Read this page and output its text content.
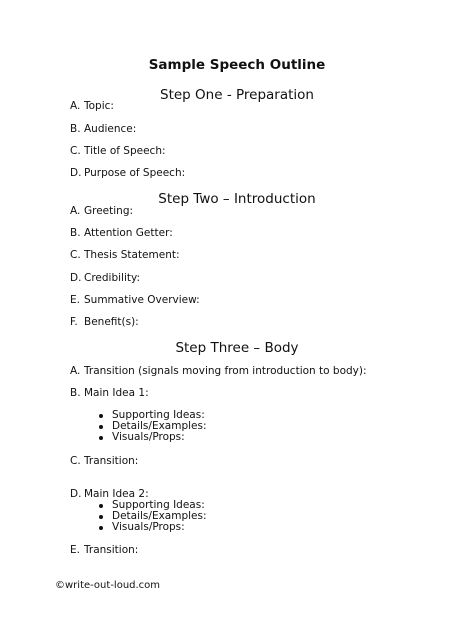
Sample Speech Outline
Step One - Preparation
A. Topic:
B. Audience:
C. Title of Speech:
D. Purpose of Speech:
Step Two – Introduction
A. Greeting:
B. Attention Getter:
C. Thesis Statement:
D. Credibility:
E. Summative Overview:
F. Benefit(s):
Step Three – Body
A. Transition (signals moving from introduction to body):
B. Main Idea 1:
Supporting Ideas:
Details/Examples:
Visuals/Props:
C. Transition:
D. Main Idea 2:
Supporting Ideas:
Details/Examples:
Visuals/Props:
E. Transition:
©write-out-loud.com
